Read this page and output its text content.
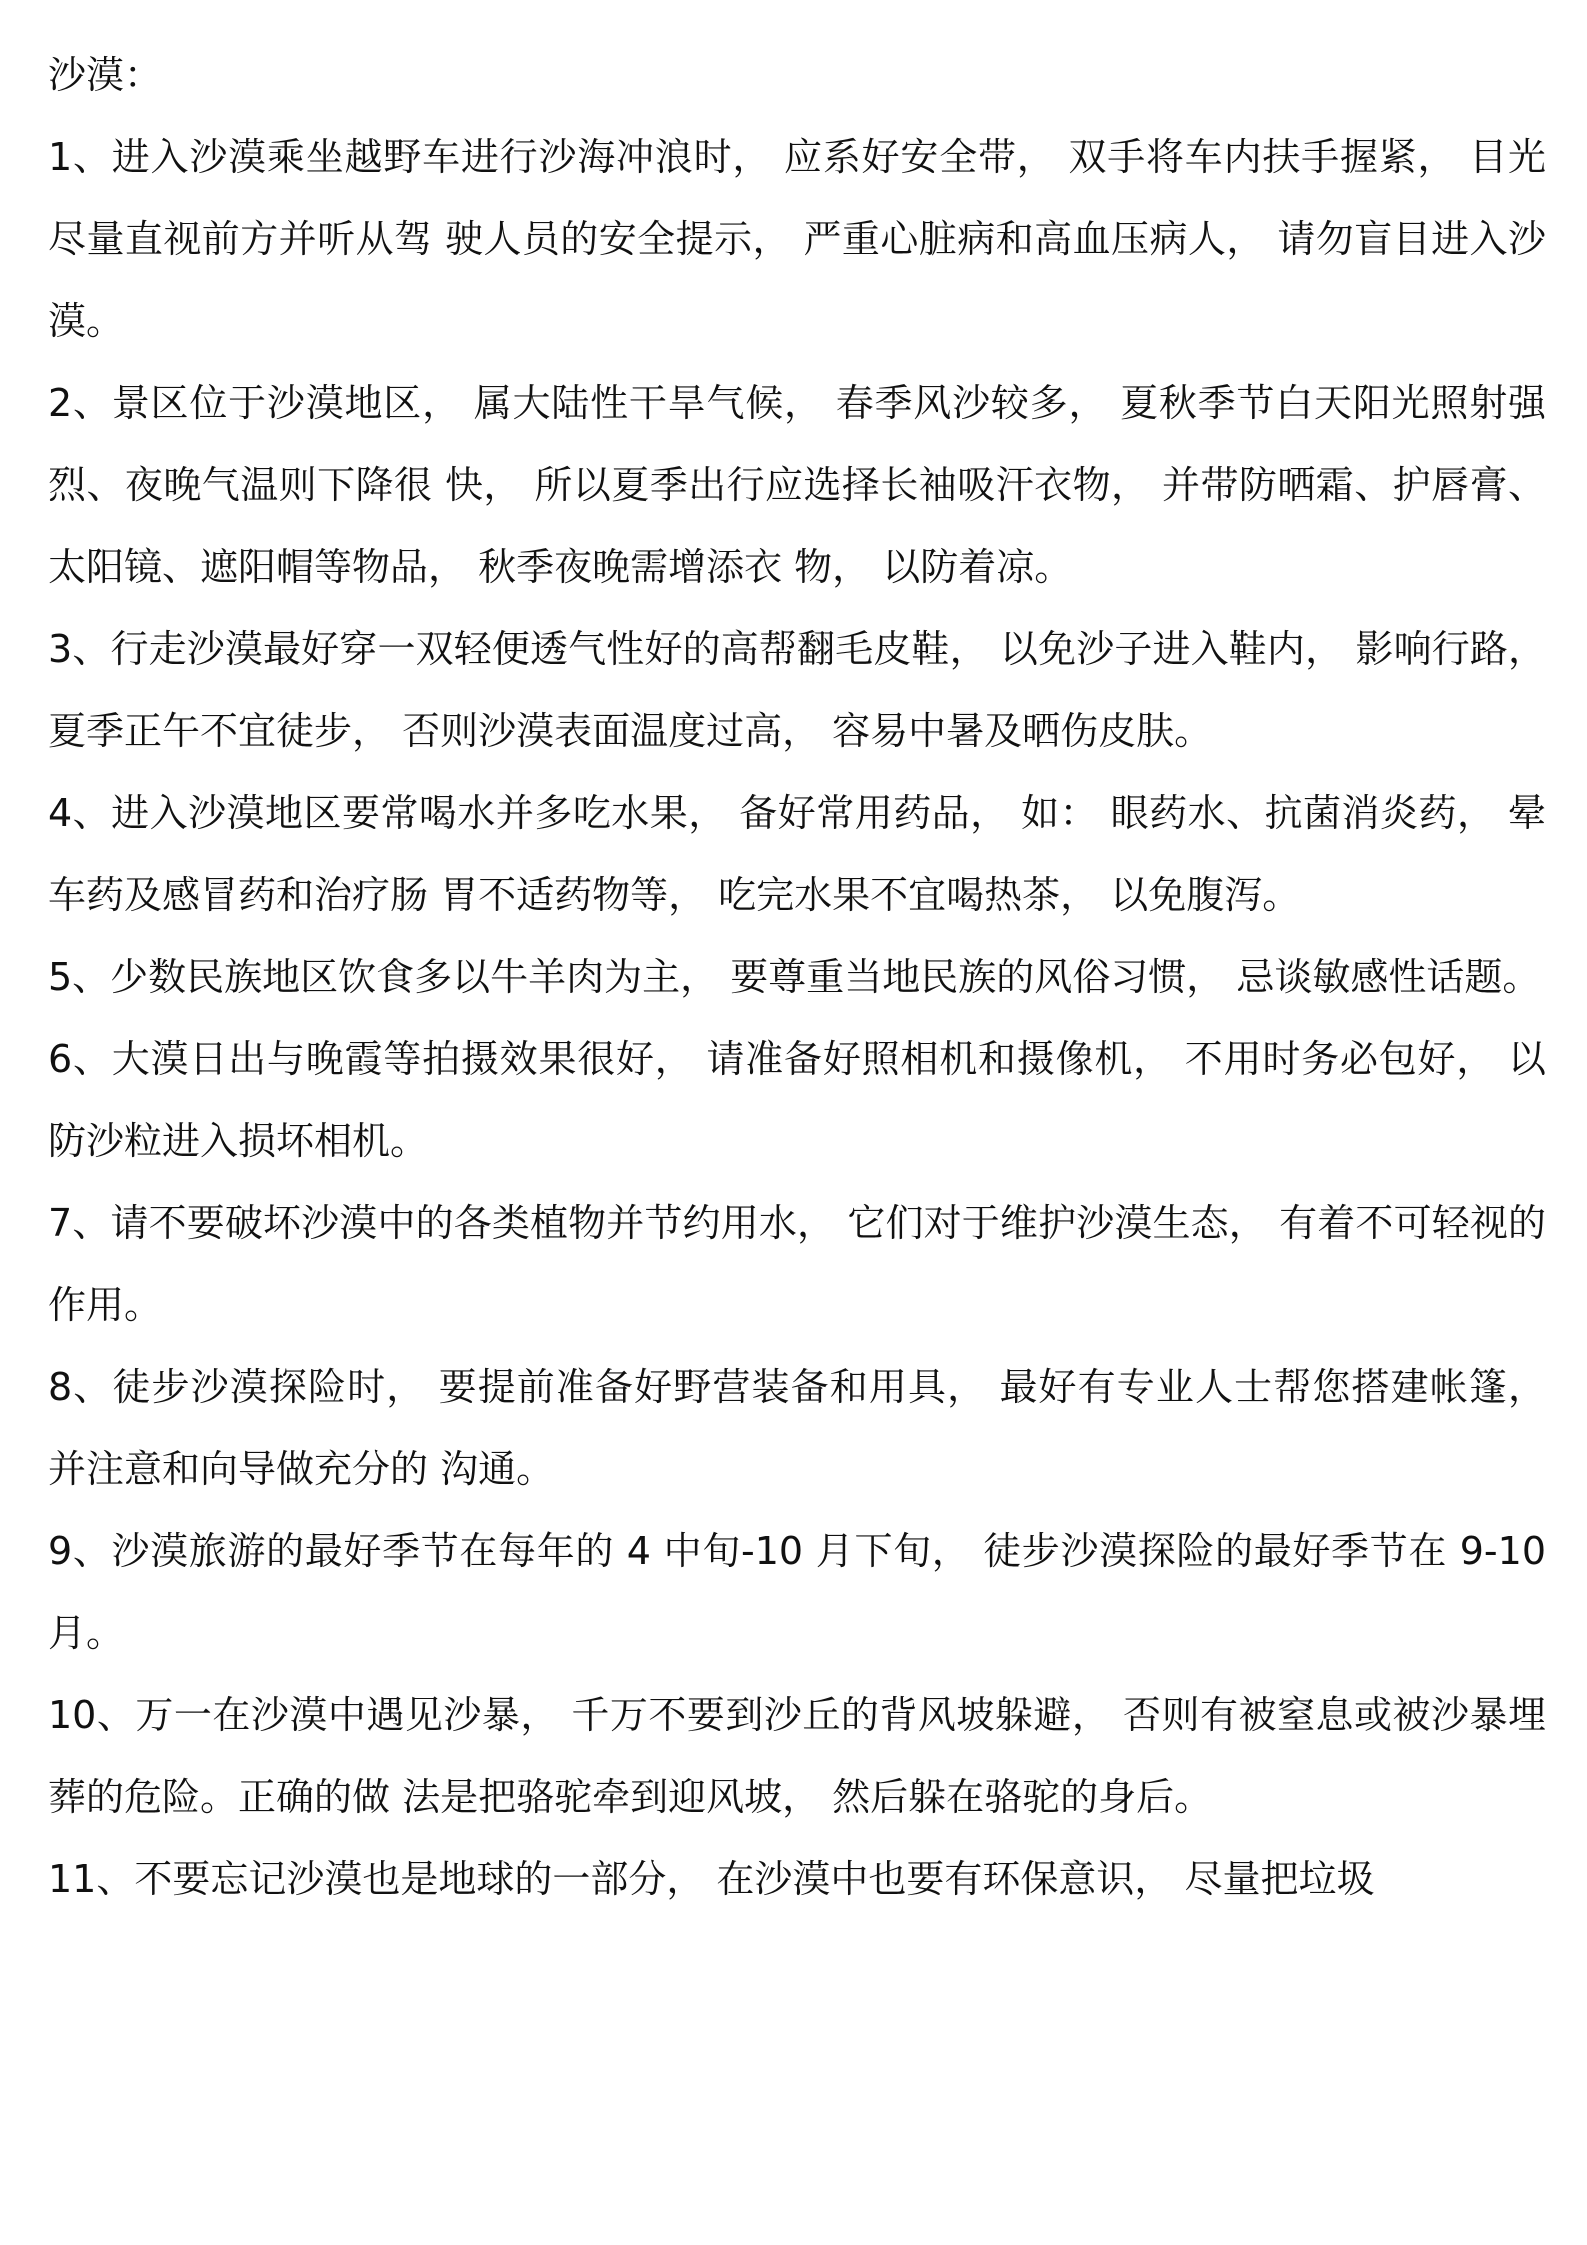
沙漠：

1、进入沙漠乘坐越野车进行沙海冲浪时， 应系好安全带， 双手将车内扶手握紧， 目光尽量直视前方并听从驾 驶人员的安全提示， 严重心脏病和高血压病人， 请勿盲目进入沙漠。

2、景区位于沙漠地区， 属大陆性干旱气候， 春季风沙较多， 夏秋季节白天阳光照射强烈、夜晚气温则下降很 快， 所以夏季出行应选择长袖吸汗衣物， 并带防晒霜、护唇膏、太阳镜、遮阳帽等物品， 秋季夜晚需增添衣 物， 以防着凉。

3、行走沙漠最好穿一双轻便透气性好的高帮翻毛皮鞋， 以免沙子进入鞋内， 影响行路， 夏季正午不宜徒步， 否则沙漠表面温度过高， 容易中暑及晒伤皮肤。

4、进入沙漠地区要常喝水并多吃水果， 备好常用药品， 如： 眼药水、抗菌消炎药， 晕车药及感冒药和治疗肠 胃不适药物等， 吃完水果不宜喝热茶， 以免腹泻。

5、少数民族地区饮食多以牛羊肉为主， 要尊重当地民族的风俗习惯， 忌谈敏感性话题。

6、大漠日出与晚霞等拍摄效果很好， 请准备好照相机和摄像机， 不用时务必包好， 以防沙粒进入损坏相机。

7、请不要破坏沙漠中的各类植物并节约用水， 它们对于维护沙漠生态， 有着不可轻视的作用。

8、徒步沙漠探险时， 要提前准备好野营装备和用具， 最好有专业人士帮您搭建帐篷， 并注意和向导做充分的 沟通。

9、沙漠旅游的最好季节在每年的 4 中旬-10 月下旬， 徒步沙漠探险的最好季节在 9-10 月。

10、万一在沙漠中遇见沙暴， 千万不要到沙丘的背风坡躲避， 否则有被窒息或被沙暴埋葬的危险。正确的做 法是把骆驼牵到迎风坡， 然后躲在骆驼的身后。

11、不要忘记沙漠也是地球的一部分， 在沙漠中也要有环保意识， 尽量把垃圾
